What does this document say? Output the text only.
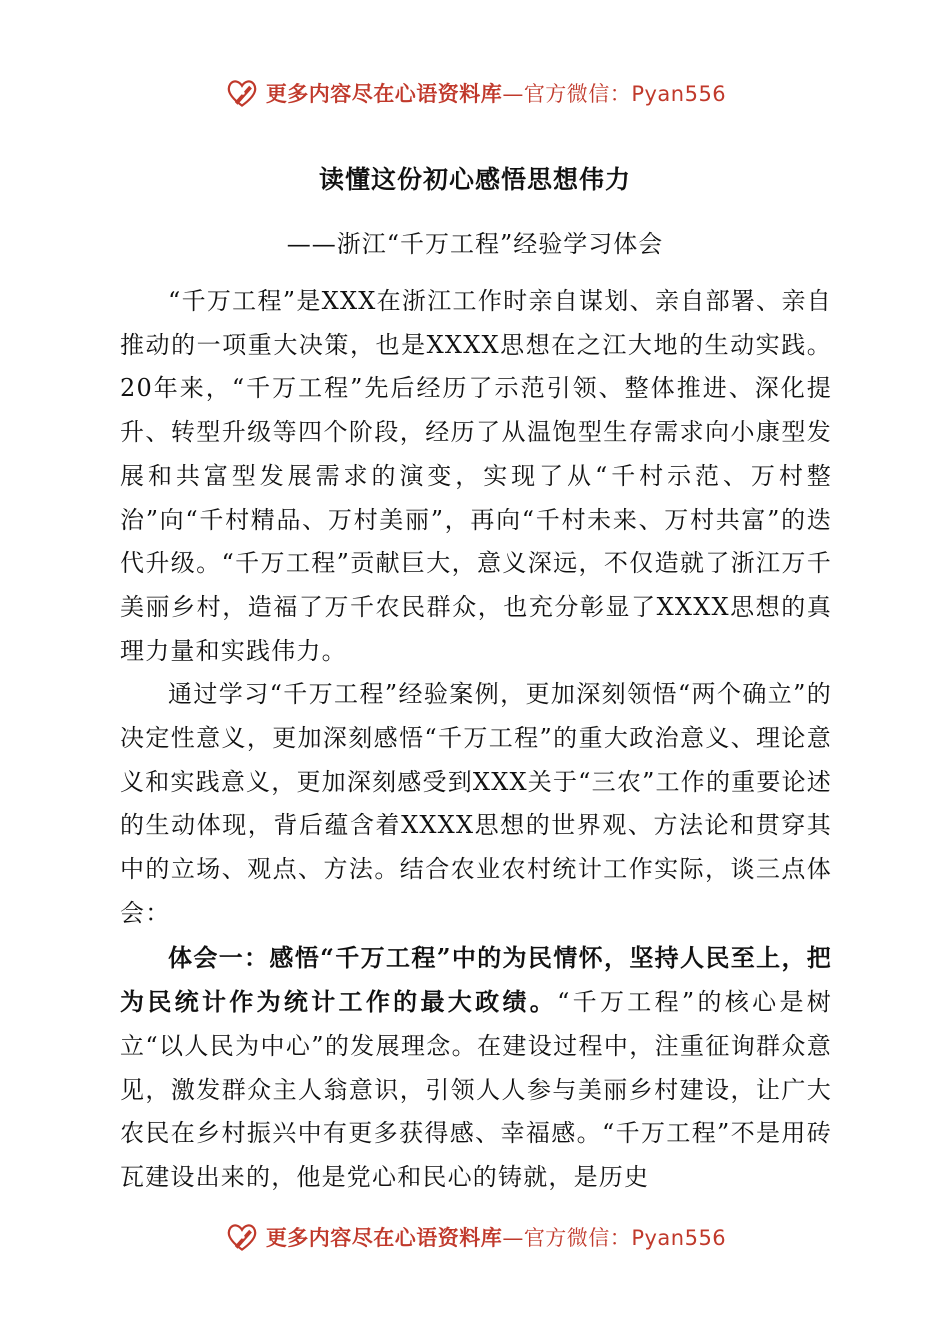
更多内容尽在心语资料库—官方微信：Pyan556
读懂这份初心感悟思想伟力
——浙江“千万工程”经验学习体会

“千万工程”是XXX在浙江工作时亲自谋划、亲自部署、亲自推动的一项重大决策，也是XXXX思想在之江大地的生动实践。20年来，“千万工程”先后经历了示范引领、整体推进、深化提升、转型升级等四个阶段，经历了从温饱型生存需求向小康型发展和共富型发展需求的演变，实现了从“千村示范、万村整治”向“千村精品、万村美丽”，再向“千村未来、万村共富”的迭代升级。“千万工程”贡献巨大，意义深远，不仅造就了浙江万千美丽乡村，造福了万千农民群众，也充分彰显了XXXX思想的真理力量和实践伟力。

通过学习“千万工程”经验案例，更加深刻领悟“两个确立”的决定性意义，更加深刻感悟“千万工程”的重大政治意义、理论意义和实践意义，更加深刻感受到XXX关于“三农”工作的重要论述的生动体现，背后蕴含着XXXX思想的世界观、方法论和贯穿其中的立场、观点、方法。结合农业农村统计工作实际，谈三点体会：

体会一：感悟“千万工程”中的为民情怀，坚持人民至上，把为民统计作为统计工作的最大政绩。“千万工程”的核心是树立“以人民为中心”的发展理念。在建设过程中，注重征询群众意见，激发群众主人翁意识，引领人人参与美丽乡村建设，让广大农民在乡村振兴中有更多获得感、幸福感。“千万工程”不是用砖瓦建设出来的，他是党心和民心的铸就，是历史

更多内容尽在心语资料库—官方微信：Pyan556
